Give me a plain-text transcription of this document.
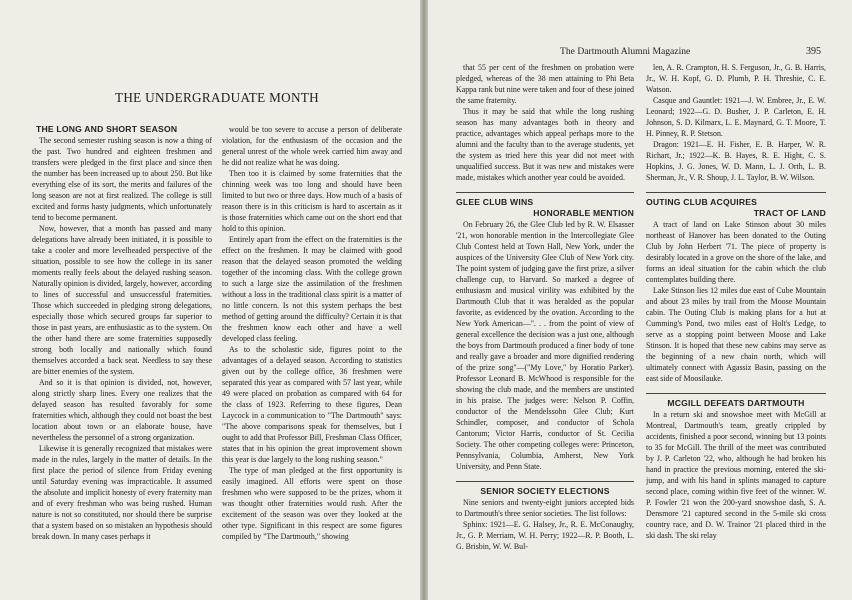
THE UNDERGRADUATE MONTH
THE LONG AND SHORT SEASON

The second semester rushing season is now a thing of the past. Two hundred and eighteen freshmen and transfers were pledged in the first place and since then the number has been increased up to about 250. But like everything else of its sort, the merits and failures of the long season are not at first realized. The college is still excited and forms hasty judgments, which unfortunately tend to become permanent.

Now, however, that a month has passed and many delegations have already been initiated, it is possible to take a cooler and more levelheaded perspective of the situation, possible to see how the college in its saner moments really feels about the delayed rushing season. Naturally opinion is divided, largely, however, according to lines of successful and unsuccessful fraternities. Those which succeeded in pledging strong delegations, especially those which secured groups far superior to those in past years, are enthusiastic as to the system. On the other hand there are some fraternities supposedly strong both locally and nationally which found themselves accorded a back seat. Needless to say these are bitter enemies of the system.

And so it is that opinion is divided, not, however, along strictly sharp lines. Every one realizes that the delayed season has resulted favorably for some fraternities which, although they could not boast the best location about town or an elaborate house, have nevertheless the personnel of a strong organization.

Likewise it is generally recognized that mistakes were made in the rules, largely in the matter of details. In the first place the period of silence from Friday evening until Saturday evening was impracticable. It assumed the absolute and implicit honesty of every fraternity man and of every freshman who was being rushed. Human nature is not so constituted, nor should there be surprise that a system based on so mistaken an hypothesis should break down. In many cases perhaps it

would be too severe to accuse a person of deliberate violation, for the enthusiasm of the occasion and the general unrest of the whole week carried him away and he did not realize what he was doing.

Then too it is claimed by some fraternities that the chinning week was too long and should have been limited to but two or three days. How much of a basis of reason there is in this criticism is hard to ascertain as it is those fraternities which came out on the short end that hold to this opinion.

Entirely apart from the effect on the fraternities is the effect on the freshmen. It may be claimed with good reason that the delayed season promoted the welding together of the incoming class. With the college grown to such a large size the assimilation of the freshmen without a loss in the traditional class spirit is a matter of no little concern. Is not this system perhaps the best method of getting around the difficulty? Certain it is that the freshmen know each other and have a well developed class feeling.

As to the scholastic side, figures point to the advantages of a delayed season. According to statistics given out by the college office, 36 freshmen were separated this year as compared with 57 last year, while 49 were placed on probation as compared with 64 for the class of 1923. Referring to these figures, Dean Laycock in a communication to "The Dartmouth" says: "The above comparisons speak for themselves, but I ought to add that Professor Bill, Freshman Class Officer, states that in his opinion the great improvement shown this year is due largely to the long rushing season."

The type of man pledged at the first opportunity is easily imagined. All efforts were spent on those freshmen who were supposed to be the prizes, whom it was thought other fraternities would rush. After the excitement of the season was over they looked at the other type. Significant in this respect are some figures compiled by "The Dartmouth," showing

The Dartmouth Alumni Magazine	395

that 55 per cent of the freshmen on probation were pledged, whereas of the 38 men attaining to Phi Beta Kappa rank but nine were taken and four of these joined the same fraternity.

Thus it may be said that while the long rushing season has many advantages both in theory and practice, advantages which appeal perhaps more to the alumni and the faculty than to the average students, yet the system as tried here this year did not meet with unqualified success. But it was new and mistakes were made, mistakes which another year could be avoided.

GLEE CLUB WINS
HONORABLE MENTION

On February 26, the Glee Club led by R. W. Elsasser '21, won honorable mention in the Intercollegiate Glee Club Contest held at Town Hall, New York, under the auspices of the University Glee Club of New York city. The point system of judging gave the first prize, a silver challenge cup, to Harvard. So marked a degree of enthusiasm and musical virility was exhibited by the Dartmouth Club that it was heralded as the popular favorite, as evidenced by the ovation. According to the New York American—". . . from the point of view of general excellence the decision was a just one, although the boys from Dartmouth produced a finer body of tone and really gave a broader and more dignified rendering of the prize song"—("My Love," by Horatio Parker). Professor Leonard B. McWhood is responsible for the showing the club made, and the members are unstinted in his praise. The judges were: Nelson P. Coffin, conductor of the Mendelssohn Glee Club; Kurt Schindler, composer, and conductor of Schola Cantorum; Victor Harris, conductor of St. Cecilia Society. The other competing colleges were: Princeton, Pennsylvania, Columbia, Amherst, New York University, and Penn State.

SENIOR SOCIETY ELECTIONS

Nine seniors and twenty-eight juniors accepted bids to Dartmouth's three senior societies. The list follows:

Sphinx: 1921—E. G. Halsey, Jr., R. E. McConaughy, Jr., G. P. Merriam, W. H. Perry; 1922—R. P. Booth, L. G. Brisbin, W. W. Bul-

len, A. R. Crampton, H. S. Ferguson, Jr., G. B. Harris, Jr., W. H. Kopf, G. D. Plumb, P. H. Threshie, C. E. Watson.

Casque and Gauntlet: 1921—J. W. Embree, Jr., E. W. Leonard; 1922—G. D. Busher, J. P. Carleton, E. H. Johnson, S. D. Kilmarx, L. E. Maynard, G. T. Moore, T. H. Pinney, R. P. Stetson.

Dragon: 1921—E. H. Fisher, E. B. Harper, W. R. Richart, Jr.; 1922—K. B. Hayes, R. E. Hight, C. S. Hopkins, J. G. Jones, W. D. Mann, L. J. Orth, L. B. Sherman, Jr., V. R. Shoup, J. L. Taylor, B. W. Wilson.

OUTING CLUB ACQUIRES
TRACT OF LAND

A tract of land on Lake Stinson about 30 miles northeast of Hanover has been donated to the Outing Club by John Herbert '71. The piece of property is desirably located in a grove on the shore of the lake, and forms an ideal situation for the cabin which the club contemplates building there.

Lake Stinson lies 12 miles due east of Cube Mountain and about 23 miles by trail from the Moose Mountain cabin. The Outing Club is making plans for a hut at Cumming's Pond, two miles east of Holt's Ledge, to serve as a stopping point between Moose and Lake Stinson. It is hoped that these new cabins may serve as the beginning of a new chain north, which will ultimately connect with Agassiz Basin, passing on the east side of Moosilauke.

MCGILL DEFEATS DARTMOUTH

In a return ski and snowshoe meet with McGill at Montreal, Dartmouth's team, greatly crippled by accidents, finished a poor second, winning but 13 points to 35 for McGill. The thrill of the meet was contributed by J. P. Carleton '22, who, although he had broken his hand in practice the previous morning, entered the ski-jump, and with his hand in splints managed to capture second place, coming within five feet of the winner. W. P. Fowler '21 won the 200-yard snowshoe dash, S. A. Densmore '21 captured second in the 5-mile ski cross country race, and D. W. Trainor '21 placed third in the ski dash. The ski relay
